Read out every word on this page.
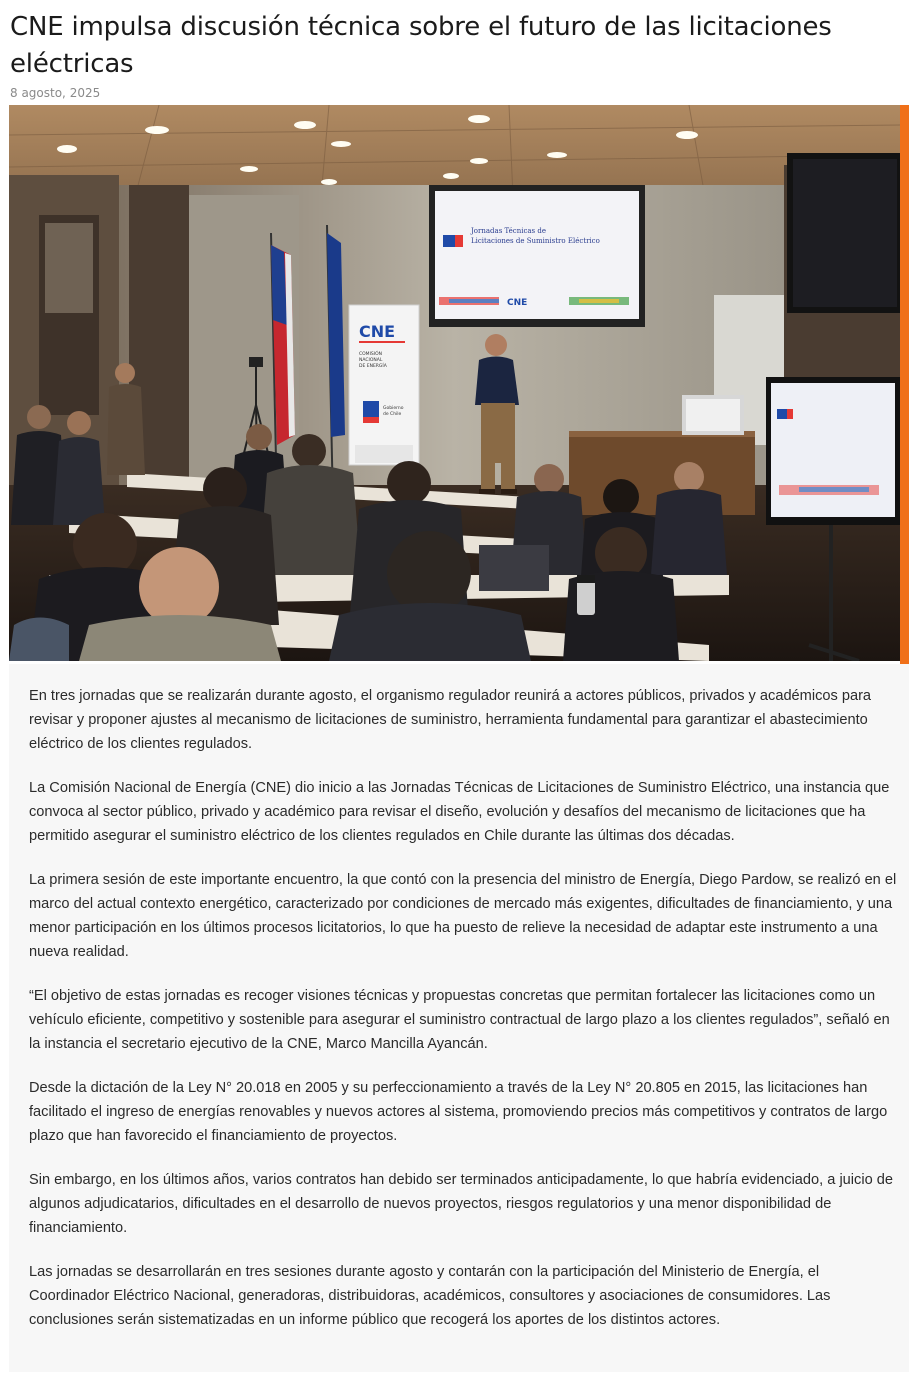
CNE impulsa discusión técnica sobre el futuro de las licitaciones eléctricas
8 agosto, 2025
Jornadas Técnicas de
Licitaciones de Suministro Eléctrico
CNE
CNE
COMISIÓN
NACIONAL
DE ENERGÍA
Gobierno
de Chile

En tres jornadas que se realizarán durante agosto, el organismo regulador reunirá a actores públicos, privados y académicos para revisar y proponer ajustes al mecanismo de licitaciones de suministro, herramienta fundamental para garantizar el abastecimiento eléctrico de los clientes regulados.

La Comisión Nacional de Energía (CNE) dio inicio a las Jornadas Técnicas de Licitaciones de Suministro Eléctrico, una instancia que convoca al sector público, privado y académico para revisar el diseño, evolución y desafíos del mecanismo de licitaciones que ha permitido asegurar el suministro eléctrico de los clientes regulados en Chile durante las últimas dos décadas.

La primera sesión de este importante encuentro, la que contó con la presencia del ministro de Energía, Diego Pardow, se realizó en el marco del actual contexto energético, caracterizado por condiciones de mercado más exigentes, dificultades de financiamiento, y una menor participación en los últimos procesos licitatorios, lo que ha puesto de relieve la necesidad de adaptar este instrumento a una nueva realidad.

“El objetivo de estas jornadas es recoger visiones técnicas y propuestas concretas que permitan fortalecer las licitaciones como un vehículo eficiente, competitivo y sostenible para asegurar el suministro contractual de largo plazo a los clientes regulados”, señaló en la instancia el secretario ejecutivo de la CNE, Marco Mancilla Ayancán.

Desde la dictación de la Ley N° 20.018 en 2005 y su perfeccionamiento a través de la Ley N° 20.805 en 2015, las licitaciones han facilitado el ingreso de energías renovables y nuevos actores al sistema, promoviendo precios más competitivos y contratos de largo plazo que han favorecido el financiamiento de proyectos.

Sin embargo, en los últimos años, varios contratos han debido ser terminados anticipadamente, lo que habría evidenciado, a juicio de algunos adjudicatarios, dificultades en el desarrollo de nuevos proyectos, riesgos regulatorios y una menor disponibilidad de financiamiento.

Las jornadas se desarrollarán en tres sesiones durante agosto y contarán con la participación del Ministerio de Energía, el Coordinador Eléctrico Nacional, generadoras, distribuidoras, académicos, consultores y asociaciones de consumidores. Las conclusiones serán sistematizadas en un informe público que recogerá los aportes de los distintos actores.
